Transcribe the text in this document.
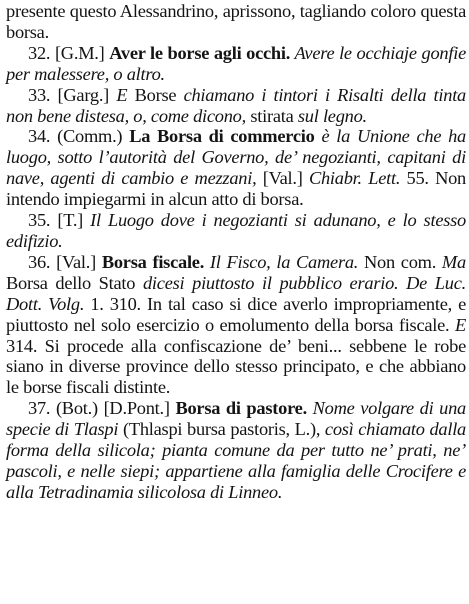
presente questo Alessandrino, aprissono, tagliando coloro questa borsa.

32. [G.M.] Aver le borse agli occhi. Avere le occhiaje gonfie per malessere, o altro.

33. [Garg.] E Borse chiamano i tintori i Risalti della tinta non bene distesa, o, come dicono, stirata sul legno.

34. (Comm.) La Borsa di commercio è la Unione che ha luogo, sotto l’autorità del Governo, de’ negozianti, capitani di nave, agenti di cambio e mezzani, [Val.] Chiabr. Lett. 55. Non intendo impiegarmi in alcun atto di borsa.

35. [T.] Il Luogo dove i negozianti si adunano, e lo stesso edifizio.

36. [Val.] Borsa fiscale. Il Fisco, la Camera. Non com. Ma Borsa dello Stato dicesi piuttosto il pubblico erario. De Luc. Dott. Volg. 1. 310. In tal caso si dice averlo impropriamente, e piuttosto nel solo esercizio o emolumento della borsa fiscale. E 314. Si procede alla confiscazione de’ beni... sebbene le robe siano in diverse province dello stesso principato, e che abbiano le borse fiscali distinte.

37. (Bot.) [D.Pont.] Borsa di pastore. Nome volgare di una specie di Tlaspi (Thlaspi bursa pastoris, L.), così chiamato dalla forma della silicola; pianta comune da per tutto ne’ prati, ne’ pascoli, e nelle siepi; appartiene alla famiglia delle Crocifere e alla Tetradinamia silicolosa di Linneo.
